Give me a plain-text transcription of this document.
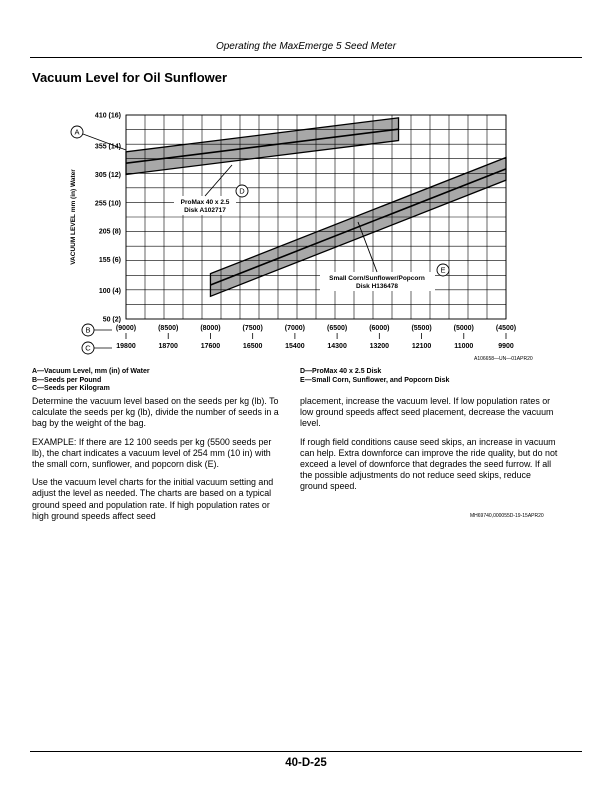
Operating the MaxEmerge 5 Seed Meter
Vacuum Level for Oil Sunflower
410 (16)
355 (14)
305 (12)
255 (10)
205 (8)
155 (6)
100 (4)
50 (2)
VACUUM LEVEL mm (in) Water
(9000)	(8500)	(8000)	(7500)	(7000)	(6500)	(6000)	(5500)	(5000)	(4500)
19800	18700	17600	16500	15400	14300	13200	12100	11000	9900
ProMax 40 x 2.5 Disk A102717
Small Corn/Sunflower/Popcorn Disk H136478
A
B
C
D
E
A106658—UN—01APR20
A—Vacuum Level, mm (in) of Water
B—Seeds per Pound
C—Seeds per Kilogram
D—ProMax 40 x 2.5 Disk
E—Small Corn, Sunflower, and Popcorn Disk

Determine the vacuum level based on the seeds per kg (lb). To calculate the seeds per kg (lb), divide the number of seeds in a bag by the weight of the bag.

EXAMPLE: If there are 12 100 seeds per kg (5500 seeds per lb), the chart indicates a vacuum level of 254 mm (10 in) with the small corn, sunflower, and popcorn disk (E).

Use the vacuum level charts for the initial vacuum setting and adjust the level as needed. The charts are based on a typical ground speed and population rate. If high population rates or high ground speeds affect seed

placement, increase the vacuum level. If low population rates or low ground speeds affect seed placement, decrease the vacuum level.

If rough field conditions cause seed skips, an increase in vacuum can help. Extra downforce can improve the ride quality, but do not exceed a level of downforce that degrades the seed furrow. If all the possible adjustments do not reduce seed skips, reduce ground speed.

MH69740,000055D-19-15APR20
40-D-25
